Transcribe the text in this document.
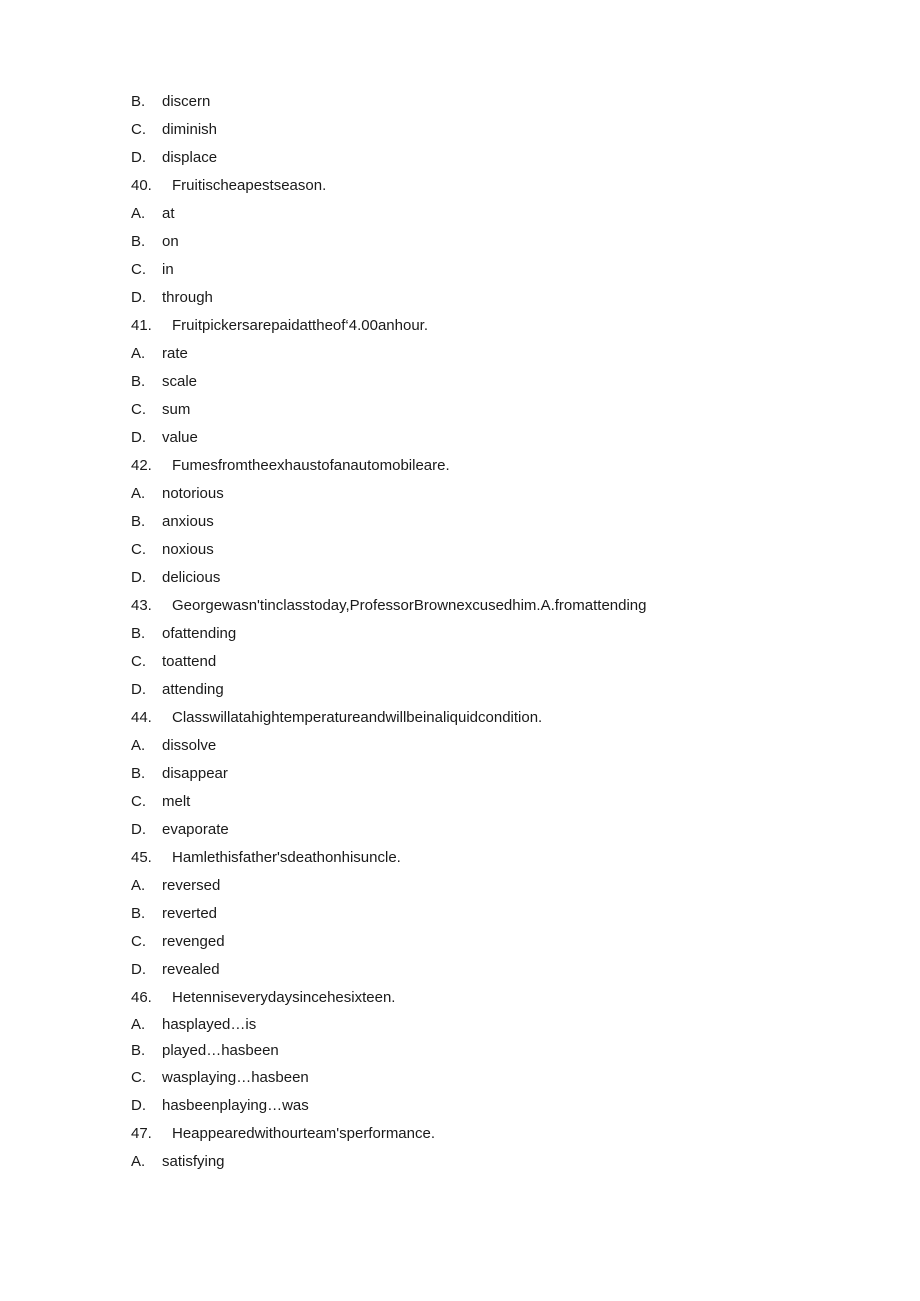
B.	discern
C.	diminish
D.	displace
40.	Fruitischeapestseason.
A.	at
B.	on
C.	in
D.	through
41.	Fruitpickersarepaidattheof‘4.00anhour.
A.	rate
B.	scale
C.	sum
D.	value
42.	Fumesfromtheexhaustofanautomobileare.
A.	notorious
B.	anxious
C.	noxious
D.	delicious
43.	Georgewasn'tinclasstoday,ProfessorBrownexcusedhim.A.fromattending
B.	ofattending
C.	toattend
D.	attending
44.	Classwillatahightemperatureandwillbeinaliquidcondition.
A.	dissolve
B.	disappear
C.	melt
D.	evaporate
45.	Hamlethisfather'sdeathonhisuncle.
A.	reversed
B.	reverted
C.	revenged
D.	revealed
46.	Hetenniseverydaysincehesixteen.
A.	hasplayed…is
B.	played…hasbeen
C.	wasplaying…hasbeen
D.	hasbeenplaying…was
47.	Heappearedwithourteam'sperformance.
A.	satisfying
